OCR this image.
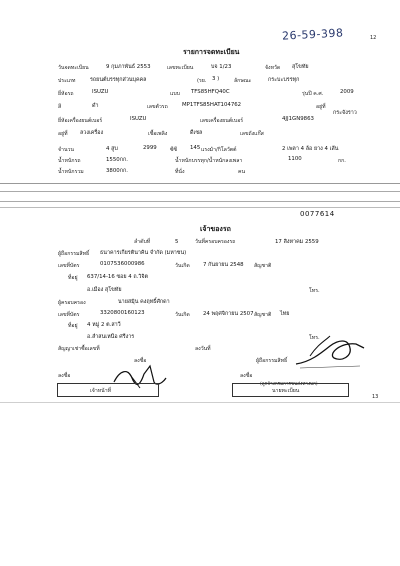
26-59-398	12
รายการจดทะเบียน
วันจดทะเบียน	9 กุมภาพันธ์ 2553	เลขทะเบียน	บจ 1/23	จังหวัด สุโขทัย
ประเภท	รถยนต์บรรทุกส่วนบุคคล	(รย. 3 )	ลักษณะ	กระบะบรรทุก
ยี่ห้อรถ	ISUZU	แบบ TFS85HFQ40C	รุ่นปี ค.ศ.	2009
สี	ดำ	เลขตัวรถ	MP1TFS85HAT104762	อยู่ที่
กระจังราว
ยี่ห้อเครื่องยนต์เบอร์	ISUZU	เลขเครื่องยนต์เบอร์	4JJ1GN9863
อยู่ที่ ลวงเครื่อง	เชื้อเพลิง	ดีเซล	เลขถังแก๊ส
จำนวน	4 สูบ	2999	ซีซี 145 แรงม้า/กิโลวัตต์	2 เพลา 4 ล้อ ยาง 4 เส้น
น้ำหนักรถ	1550กก.	น้ำหนักบรรทุก/น้ำหนักลงเพลา	1100	กก.
น้ำหนักรวม	3800กก.	ที่นั่ง	คน
0077614
เจ้าของรถ
ลำดับที่	5	วันที่ครอบครองรถ	17 สิงหาคม 2559
ผู้ถือกรรมสิทธิ์ ธนาคารเกียรตินาคิน จำกัด (มหาชน)
เลขที่บัตร	0107536000986	วันเกิด 7 กันยายน 2548 สัญชาติ
ที่อยู่ 637/14-16 ซอย 4 ถ.วิจิต
อ.เมือง สุโขทัย	โทร.
ผู้ครอบครอง	นายสมุิน คงฤทธิ์ศักดา
เลขที่บัตร	3320800160123	วันเกิด 24 พฤศจิกายน 2507 สัญชาติ ไทย
ที่อยู่ 4 หมู่ 2 ต.สาวี
อ.ลำสนเหนือ ศรีงาร	โทร.
สัญญาเช่าซื้อเลขที่	ลงวันที่
ลงชื่อ	ผู้ถือกรรมสิทธิ์
ลงชื่อ	ลงชื่อ
(ลูกจ้างกรมการขนส่งทางบก)
เจ้าหน้าที่	นายทะเบียน
13
